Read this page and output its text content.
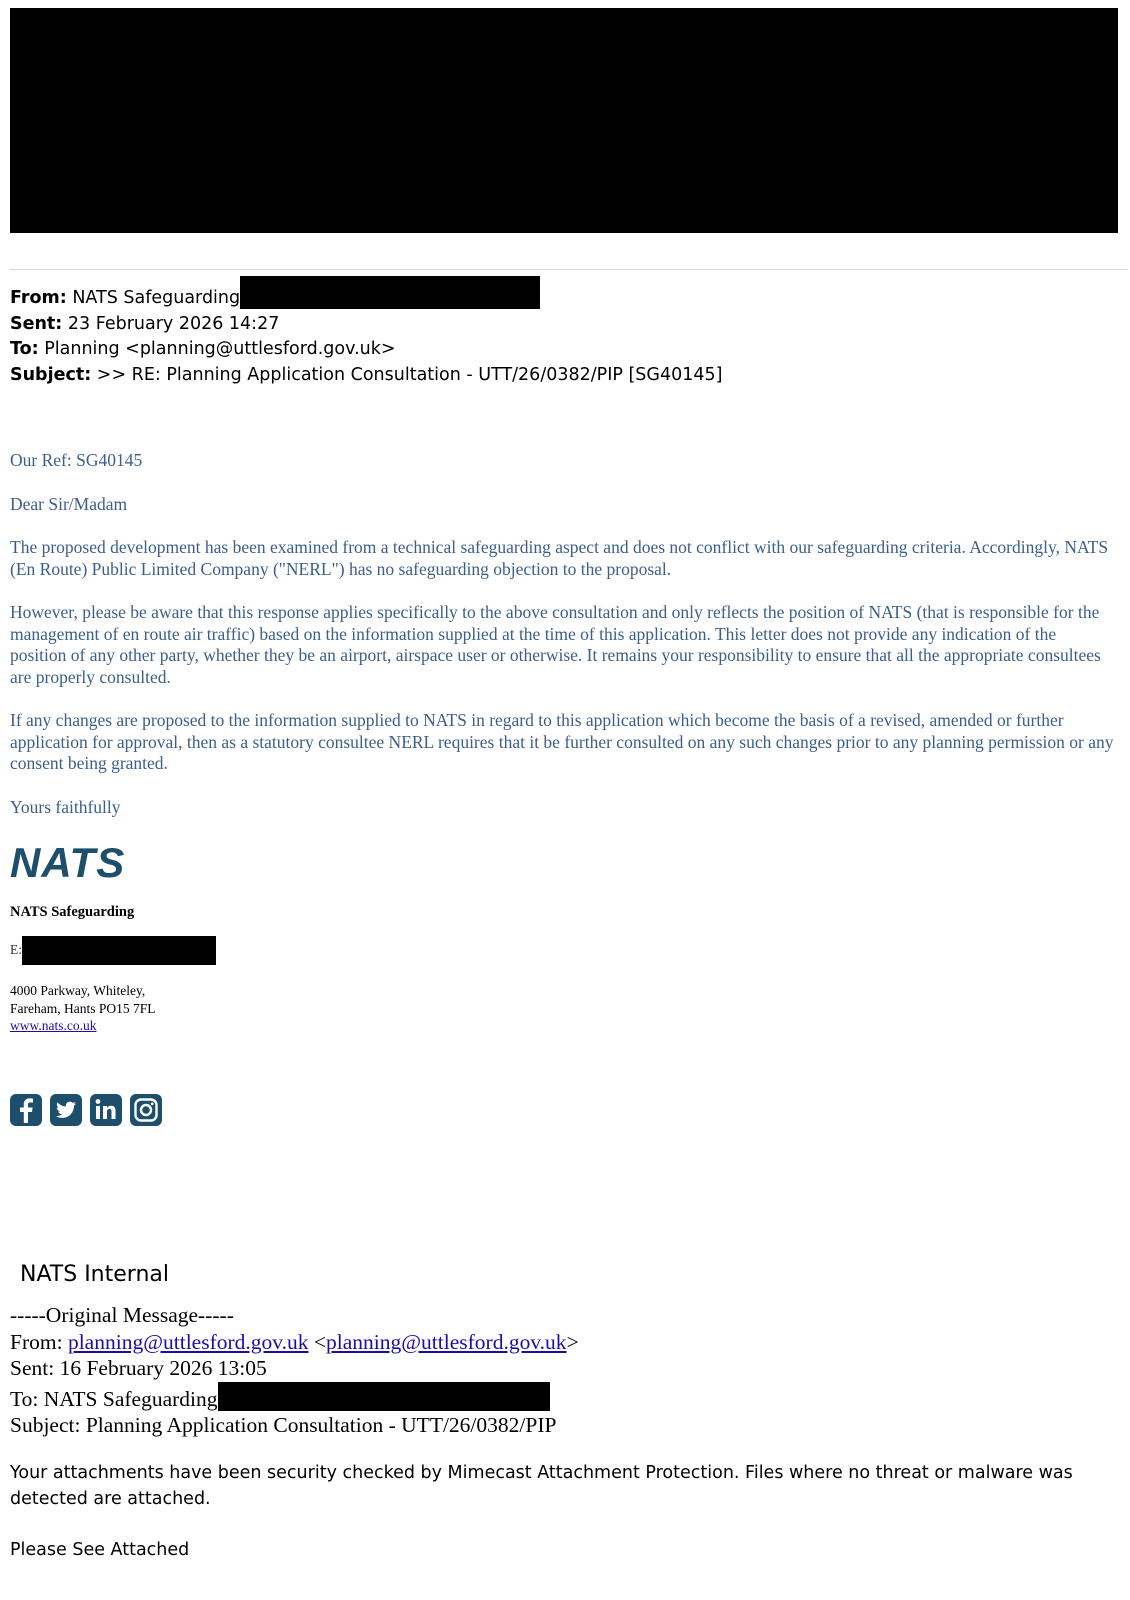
From: NATS Safeguarding
Sent: 23 February 2026 14:27
To: Planning <planning@uttlesford.gov.uk>
Subject: >> RE: Planning Application Consultation - UTT/26/0382/PIP [SG40145]

Our Ref: SG40145

Dear Sir/Madam

The proposed development has been examined from a technical safeguarding aspect and does not conflict with our safeguarding criteria. Accordingly, NATS (En Route) Public Limited Company ("NERL") has no safeguarding objection to the proposal.

However, please be aware that this response applies specifically to the above consultation and only reflects the position of NATS (that is responsible for the management of en route air traffic) based on the information supplied at the time of this application. This letter does not provide any indication of the position of any other party, whether they be an airport, airspace user or otherwise. It remains your responsibility to ensure that all the appropriate consultees are properly consulted.

If any changes are proposed to the information supplied to NATS in regard to this application which become the basis of a revised, amended or further application for approval, then as a statutory consultee NERL requires that it be further consulted on any such changes prior to any planning permission or any consent being granted.

Yours faithfully

NATS
NATS Safeguarding
E:
4000 Parkway, Whiteley,
Fareham, Hants PO15 7FL
www.nats.co.uk
NATS Internal
-----Original Message-----
From: planning@uttlesford.gov.uk <planning@uttlesford.gov.uk>
Sent: 16 February 2026 13:05
To: NATS Safeguarding
Subject: Planning Application Consultation - UTT/26/0382/PIP

Your attachments have been security checked by Mimecast Attachment Protection. Files where no threat or malware was detected are attached.

Please See Attached
